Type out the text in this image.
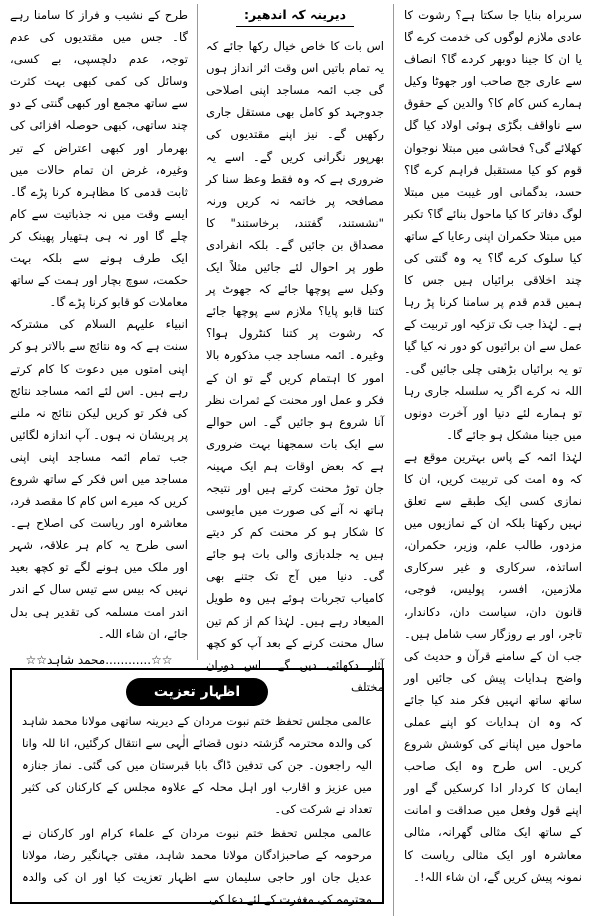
سربراہ بنایا جا سکتا ہے؟ رشوت کا عادی ملازم لوگوں کی خدمت کرے گا یا ان کا جینا دوبھر کردے گا؟ انصاف سے عاری جج صاحب اور جھوٹا وکیل ہمارے کس کام کا؟ والدین کے حقوق سے ناواقف بگڑی ہوئی اولاد کیا گل کھلائے گی؟ فحاشی میں مبتلا نوجوان قوم کو کیا مستقبل فراہم کرے گا؟ حسد، بدگمانی اور غیبت میں مبتلا لوگ دفاتر کا کیا ماحول بنائے گا؟ تکبر میں مبتلا حکمران اپنی رعایا کے ساتھ کیا سلوک کرے گا؟ یہ وہ گنتی کی چند اخلاقی برائیاں ہیں جس کا ہمیں قدم قدم پر سامنا کرنا پڑ رہا ہے۔ لہٰذا جب تک تزکیہ اور تربیت کے عمل سے ان برائیوں کو دور نہ کیا گیا تو یہ برائیاں بڑھتی چلی جائیں گی۔ اللہ نہ کرے اگر یہ سلسلہ جاری رہا تو ہمارے لئے دنیا اور آخرت دونوں میں جینا مشکل ہو جائے گا۔

لہٰذا ائمہ کے پاس بہترین موقع ہے کہ وہ امت کی تربیت کریں، ان کا نمازی کسی ایک طبقے سے تعلق نہیں رکھتا بلکہ ان کے نمازیوں میں مزدور، طالب علم، وزیر، حکمران، اساتذہ، سرکاری و غیر سرکاری ملازمین، افسر، پولیس، فوجی، قانون دان، سیاست دان، دکاندار، تاجر، اور بے روزگار سب شامل ہیں۔ جب ان کے سامنے قرآن و حدیث کی واضح ہدایات پیش کی جائیں اور ساتھ ساتھ انہیں فکر مند کیا جائے کہ وہ ان ہدایات کو اپنے عملی ماحول میں اپنانے کی کوشش شروع کریں۔ اس طرح وہ ایک صاحب ایمان کا کردار ادا کرسکیں گے اور اپنے قول وفعل میں صداقت و امانت کے ساتھ ایک مثالی گھرانہ، مثالی معاشرہ اور ایک مثالی ریاست کا نمونہ پیش کریں گے، ان شاء اللہ!۔

دیرینہ کہ اندھیر:

اس بات کا خاص خیال رکھا جائے کہ یہ تمام باتیں اس وقت اثر انداز ہوں گی جب ائمہ مساجد اپنی اصلاحی جدوجہد کو کامل بھی مستقل جاری رکھیں گے۔ نیز اپنے مقتدیوں کی بھرپور نگرانی کریں گے۔ اسے یہ ضروری ہے کہ وہ فقط وعظ سنا کر مصافحہ پر خاتمہ نہ کریں ورنہ "نشستند، گفتند، برخاستند" کا مصداق بن جائیں گے۔ بلکہ انفرادی طور پر احوال لئے جائیں مثلاً ایک وکیل سے پوچھا جائے کہ جھوٹ پر کتنا قابو پایا؟ ملازم سے پوچھا جائے کہ رشوت پر کتنا کنٹرول ہوا؟ وغیرہ۔ ائمہ مساجد جب مذکورہ بالا امور کا اہتمام کریں گے تو ان کے فکر و عمل اور محنت کے ثمرات نظر آنا شروع ہو جائیں گے۔ اس حوالے سے ایک بات سمجھنا بہت ضروری ہے کہ بعض اوقات ہم ایک مہینہ جان توڑ محنت کرتے ہیں اور نتیجہ ہاتھ نہ آنے کی صورت میں مایوسی کا شکار ہو کر محنت کم کر دیتے ہیں یہ جلدبازی والی بات ہو جائے گی۔ دنیا میں آج تک جتنے بھی کامیاب تجربات ہوئے ہیں وہ طویل المیعاد رہے ہیں۔ لہٰذا کم از کم تین سال محنت کرنے کے بعد آپ کو کچھ آثار دکھائی دیں گے۔ اس دوران مختلف

طرح کے نشیب و فراز کا سامنا رہے گا۔ جس میں مقتدیوں کی عدم توجہ، عدم دلچسپی، بے کسی، وسائل کی کمی کبھی بہت کثرت سے ساتھ مجمع اور کبھی گنتی کے دو چند ساتھی، کبھی حوصلہ افزائی کی بھرمار اور کبھی اعتراض کے تیر وغیرہ، غرض ان تمام حالات میں ثابت قدمی کا مظاہرہ کرنا پڑے گا۔ ایسے وقت میں نہ جذباتیت سے کام چلے گا اور نہ ہی ہتھیار پھینک کر ایک طرف ہونے سے بلکہ بہت حکمت، سوچ بچار اور ہمت کے ساتھ معاملات کو قابو کرنا پڑے گا۔

انبیاء علیہم السلام کی مشترکہ سنت ہے کہ وہ نتائج سے بالاتر ہو کر اپنی امتوں میں دعوت کا کام کرتے رہے ہیں۔ اس لئے ائمہ مساجد نتائج کی فکر تو کریں لیکن نتائج نہ ملنے پر پریشان نہ ہوں۔ آپ اندازہ لگائیں جب تمام ائمہ مساجد اپنی اپنی مساجد میں اس فکر کے ساتھ شروع کریں کہ میرے اس کام کا مقصد فرد، معاشرہ اور ریاست کی اصلاح ہے۔ اسی طرح یہ کام ہر علاقہ، شہر اور ملک میں ہونے لگے تو کچھ بعید نہیں کہ بیس سے تیس سال کے اندر اندر امت مسلمہ کی تقدیر ہی بدل جائے، ان شاء اللہ۔

☆☆............محمد شاہد☆☆
اظہار تعزیت

عالمی مجلس تحفظ ختم نبوت مردان کے دیرینہ ساتھی مولانا محمد شاہد کی والدہ محترمہ گزشتہ دنوں قضائے الٰہی سے انتقال کرگئیں، انا للہ وانا الیہ راجعون۔ جن کی تدفین ڈاگ بابا قبرستان میں کی گئی۔ نماز جنازہ میں عزیز و اقارب اور اہل محلہ کے علاوہ مجلس کے کارکنان کی کثیر تعداد نے شرکت کی۔

عالمی مجلس تحفظ ختم نبوت مردان کے علماء کرام اور کارکنان نے مرحومہ کے صاحبزادگان مولانا محمد شاہد، مفتی جہانگیر رضا، مولانا عدیل جان اور حاجی سلیمان سے اظہار تعزیت کیا اور ان کی والدہ محترمہ کی مغفرت کے لئے دعا کی۔
